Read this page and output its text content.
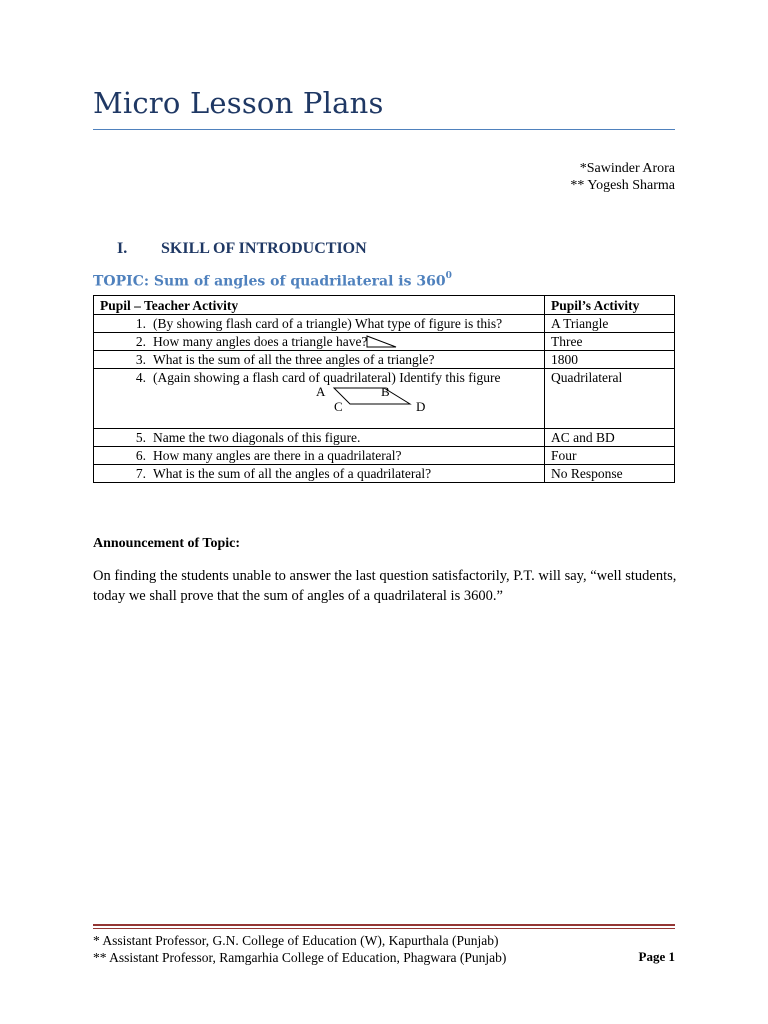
Micro Lesson Plans
*Sawinder Arora
** Yogesh Sharma
I. SKILL OF INTRODUCTION
TOPIC: Sum of angles of quadrilateral is $360^0$
Pupil – Teacher Activity	Pupil’s Activity
1. (By showing flash card of a triangle) What type of figure is this?	A Triangle
2. How many angles does a triangle have?	Three
3. What is the sum of all the three angles of a triangle?	1800
4. (Again showing a flash card of quadrilateral) Identify this figure
A B
C D	Quadrilateral
5. Name the two diagonals of this figure.	AC and BD
6. How many angles are there in a quadrilateral?	Four
7. What is the sum of all the angles of a quadrilateral?	No Response
Announcement of Topic:
On finding the students unable to answer the last question satisfactorily, P.T. will say, “well students, today we shall prove that the sum of angles of a quadrilateral is 3600.”
* Assistant Professor, G.N. College of Education (W), Kapurthala (Punjab)
** Assistant Professor, Ramgarhia College of Education, Phagwara (Punjab)	Page 1
